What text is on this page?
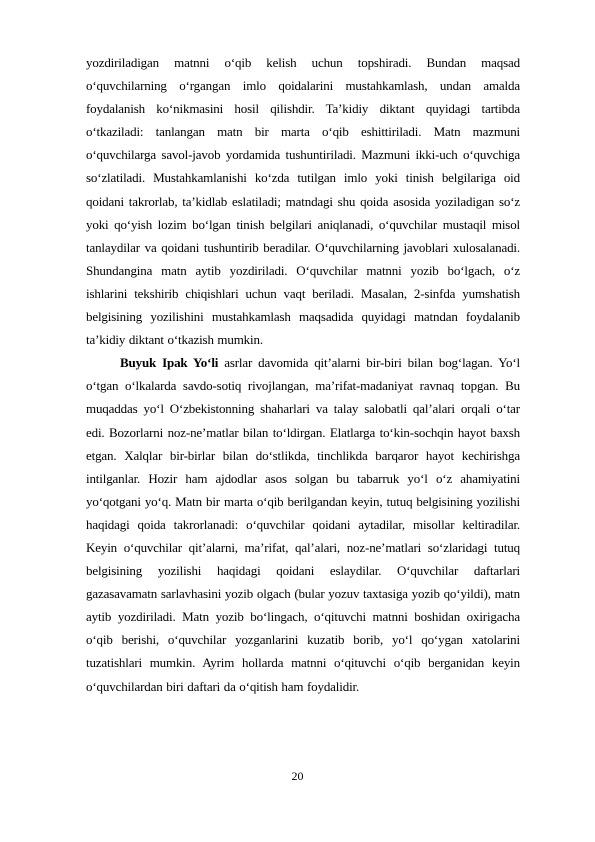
yozdiriladigan matnni o‘qib kelish uchun topshiradi. Bundan maqsad o‘quvchilarning o‘rgangan imlo qoidalarini mustahkamlash, undan amalda foydalanish ko‘nikmasini hosil qilishdir. Ta’kidiy diktant quyidagi tartibda o‘tkaziladi: tanlangan matn bir marta o‘qib eshittiriladi. Matn mazmuni o‘quvchilarga savol-javob yordamida tushuntiriladi. Mazmuni ikki-uch o‘quvchiga so‘zlatiladi. Mustahkamlanishi ko‘zda tutilgan imlo yoki tinish belgilariga oid qoidani takrorlab, ta’kidlab eslatiladi; matndagi shu qoida asosida yoziladigan so‘z yoki qo‘yish lozim bo‘lgan tinish belgilari aniqlanadi, o‘quvchilar mustaqil misol tanlaydilar va qoidani tushuntirib beradilar. O‘quvchilarning javoblari xulosalanadi. Shundangina matn aytib yozdiriladi. O‘quvchilar matnni yozib bo‘lgach, o‘z ishlarini tekshirib chiqishlari uchun vaqt beriladi. Masalan, 2-sinfda yumshatish belgisining yozilishini mustahkamlash maqsadida quyidagi matndan foydalanib ta’kidiy diktant o‘tkazish mumkin.

Buyuk Ipak Yo‘li asrlar davomida qit’alarni bir-biri bilan bog‘lagan. Yo‘l o‘tgan o‘lkalarda savdo-sotiq rivojlangan, ma’rifat-madaniyat ravnaq topgan. Bu muqaddas yo‘l O‘zbekistonning shaharlari va talay salobatli qal’alari orqali o‘tar edi. Bozorlarni noz-ne’matlar bilan to‘ldirgan. Elatlarga to‘kin-sochqin hayot baxsh etgan. Xalqlar bir-birlar bilan do‘stlikda, tinchlikda barqaror hayot kechirishga intilganlar. Hozir ham ajdodlar asos solgan bu tabarruk yo‘l o‘z ahamiyatini yo‘qotgani yo‘q. Matn bir marta o‘qib berilgandan keyin, tutuq belgisining yozilishi haqidagi qoida takrorlanadi: o‘quvchilar qoidani aytadilar, misollar keltiradilar. Keyin o‘quvchilar qit’alarni, ma’rifat, qal’alari, noz-ne’matlari so‘zlaridagi tutuq belgisining yozilishi haqidagi qoidani eslaydilar. O‘quvchilar daftarlari gazasavamatn sarlavhasini yozib olgach (bular yozuv taxtasiga yozib qo‘yildi), matn aytib yozdiriladi. Matn yozib bo‘lingach, o‘qituvchi matnni boshidan oxirigacha o‘qib berishi, o‘quvchilar yozganlarini kuzatib borib, yo‘l qo‘ygan xatolarini tuzatishlari mumkin. Ayrim hollarda matnni o‘qituvchi o‘qib berganidan keyin o‘quvchilardan biri daftari da o‘qitish ham foydalidir.

20
